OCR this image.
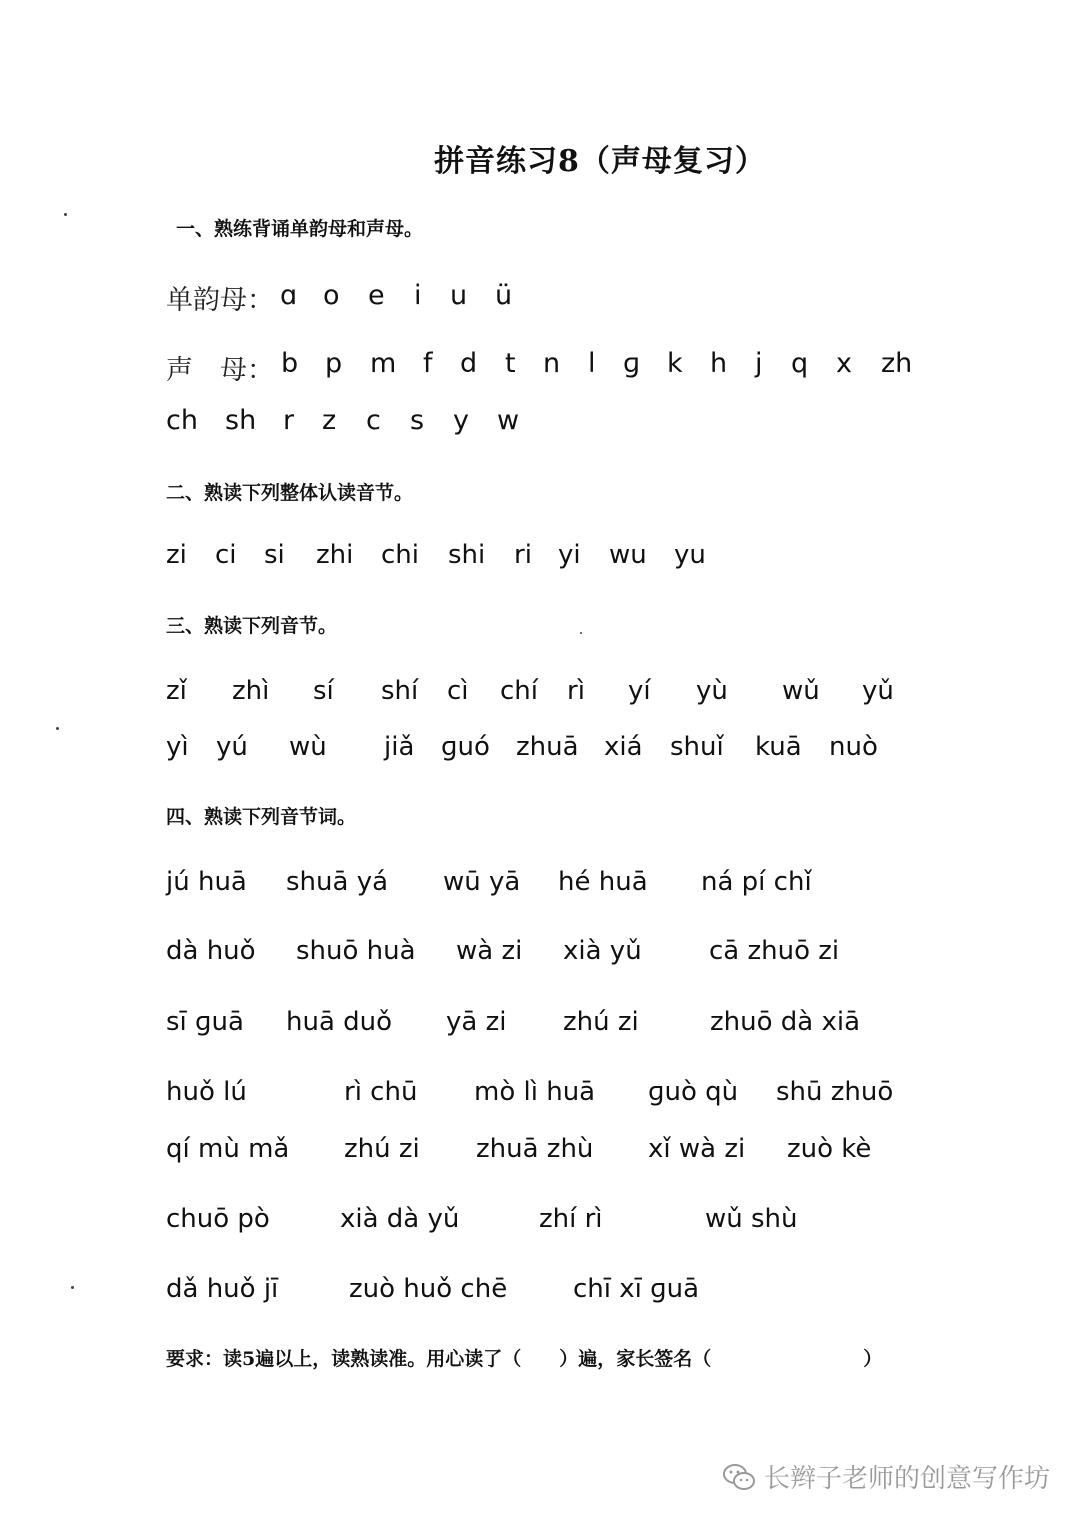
拼音练习8（声母复习）
一、熟练背诵单韵母和声母。
单韵母： ɑ o e i u ü
声　母： b p m f d t n l ɡ k h j q x zh
ch sh r z c s y w
二、熟读下列整体认读音节。
zi ci si zhi chi shi ri yi wu yu
三、熟读下列音节。
zǐ zhì sí shí cì chí rì yí yù wǔ yǔ
yì yú wù jiǎ ɡuó zhuā xiá shuǐ kuā nuò
四、熟读下列音节词。
jú huā shuā yá wū yā hé huā ná pí chǐ
dà huǒ shuō huà wà zi xià yǔ	cā zhuō zi
sī ɡuā huā duǒ yā zi zhú zi	zhuō dà xiā
huǒ lú	rì chū mò lì huā ɡuò qù shū zhuō
qí mù mǎ zhú zi zhuā zhù xǐ wà zi zuò kè
chuō pò	xià dà yǔ	zhí rì	wǔ shù
dǎ huǒ jī	zuò huǒ chē	chī xī ɡuā
要求：读5遍以上，读熟读准。用心读了（　　）遍，家长签名（　　　　　　　　）
长辫子老师的创意写作坊
